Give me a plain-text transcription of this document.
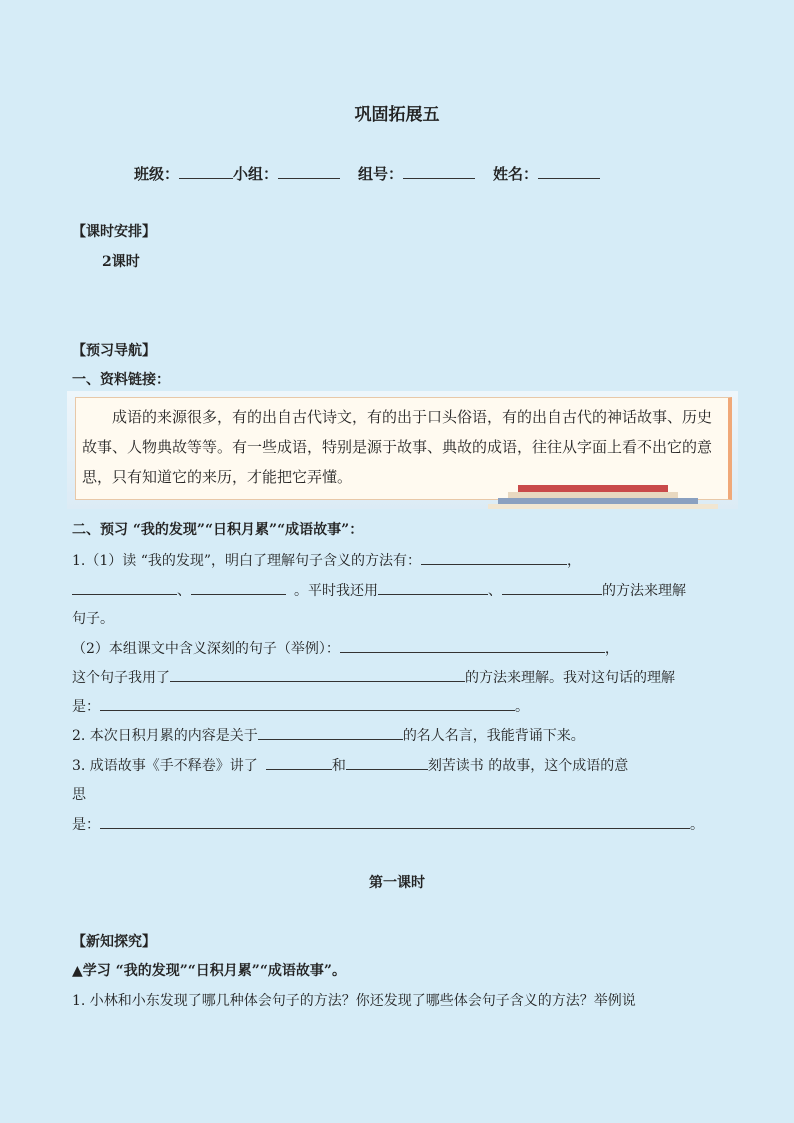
巩固拓展五
班级：	小组：	组号：	姓名：
【课时安排】
2课时
【预习导航】
一、资料链接：
成语的来源很多，有的出自古代诗文，有的出于口头俗语，有的出自古代的神话故事、历史故事、人物典故等等。有一些成语，特别是源于故事、典故的成语，往往从字面上看不出它的意思，只有知道它的来历，才能把它弄懂。
二、预习 “我的发现”“日积月累”“成语故事”：
1.（1）读 “我的发现”，明白了理解句子含义的方法有：	，
、	。平时我还用	、	的方法来理解
句子。
（2）本组课文中含义深刻的句子（举例）：	，
这个句子我用了	的方法来理解。我对这句话的理解
是：	。
2. 本次日积月累的内容是关于	的名人名言，我能背诵下来。
3. 成语故事《手不释卷》讲了	和	刻苦读书 的故事，这个成语的意
思
是：	。
第一课时
【新知探究】
▲学习 “我的发现”“日积月累”“成语故事”。
1. 小林和小东发现了哪几种体会句子的方法？你还发现了哪些体会句子含义的方法？举例说
